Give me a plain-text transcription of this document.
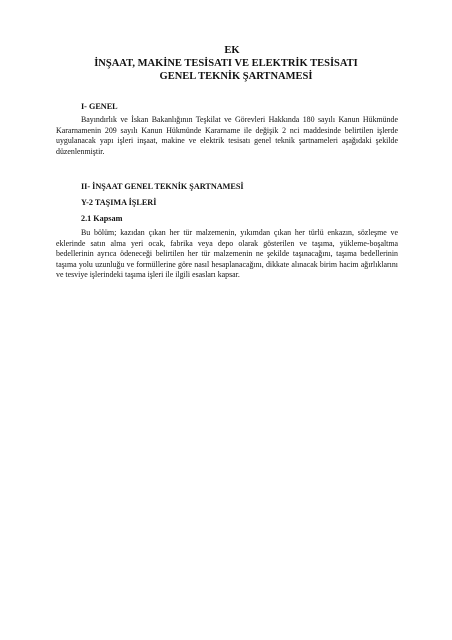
EK
İNŞAAT, MAKİNE TESİSATI VE ELEKTRİK TESİSATI
GENEL TEKNİK ŞARTNAMESİ
I- GENEL
Bayındırlık ve İskan Bakanlığının Teşkilat ve Görevleri Hakkında 180 sayılı Kanun Hükmünde Kararnamenin 209 sayılı Kanun Hükmünde Kararname ile değişik 2 nci maddesinde belirtilen işlerde uygulanacak yapı işleri inşaat, makine ve elektrik tesisatı genel teknik şartnameleri aşağıdaki şekilde düzenlenmiştir.
II- İNŞAAT GENEL TEKNİK ŞARTNAMESİ
Y-2 TAŞIMA İŞLERİ
2.1 Kapsam
Bu bölüm; kazıdan çıkan her tür malzemenin, yıkımdan çıkan her türlü enkazın, sözleşme ve eklerinde satın alma yeri ocak, fabrika veya depo olarak gösterilen ve taşıma, yükleme-boşaltma bedellerinin ayrıca ödeneceği belirtilen her tür malzemenin ne şekilde taşınacağını, taşıma bedellerinin taşıma yolu uzunluğu ve formüllerine göre nasıl hesaplanacağını, dikkate alınacak birim hacim ağırlıklarını ve tesviye işlerindeki taşıma işleri ile ilgili esasları kapsar.
